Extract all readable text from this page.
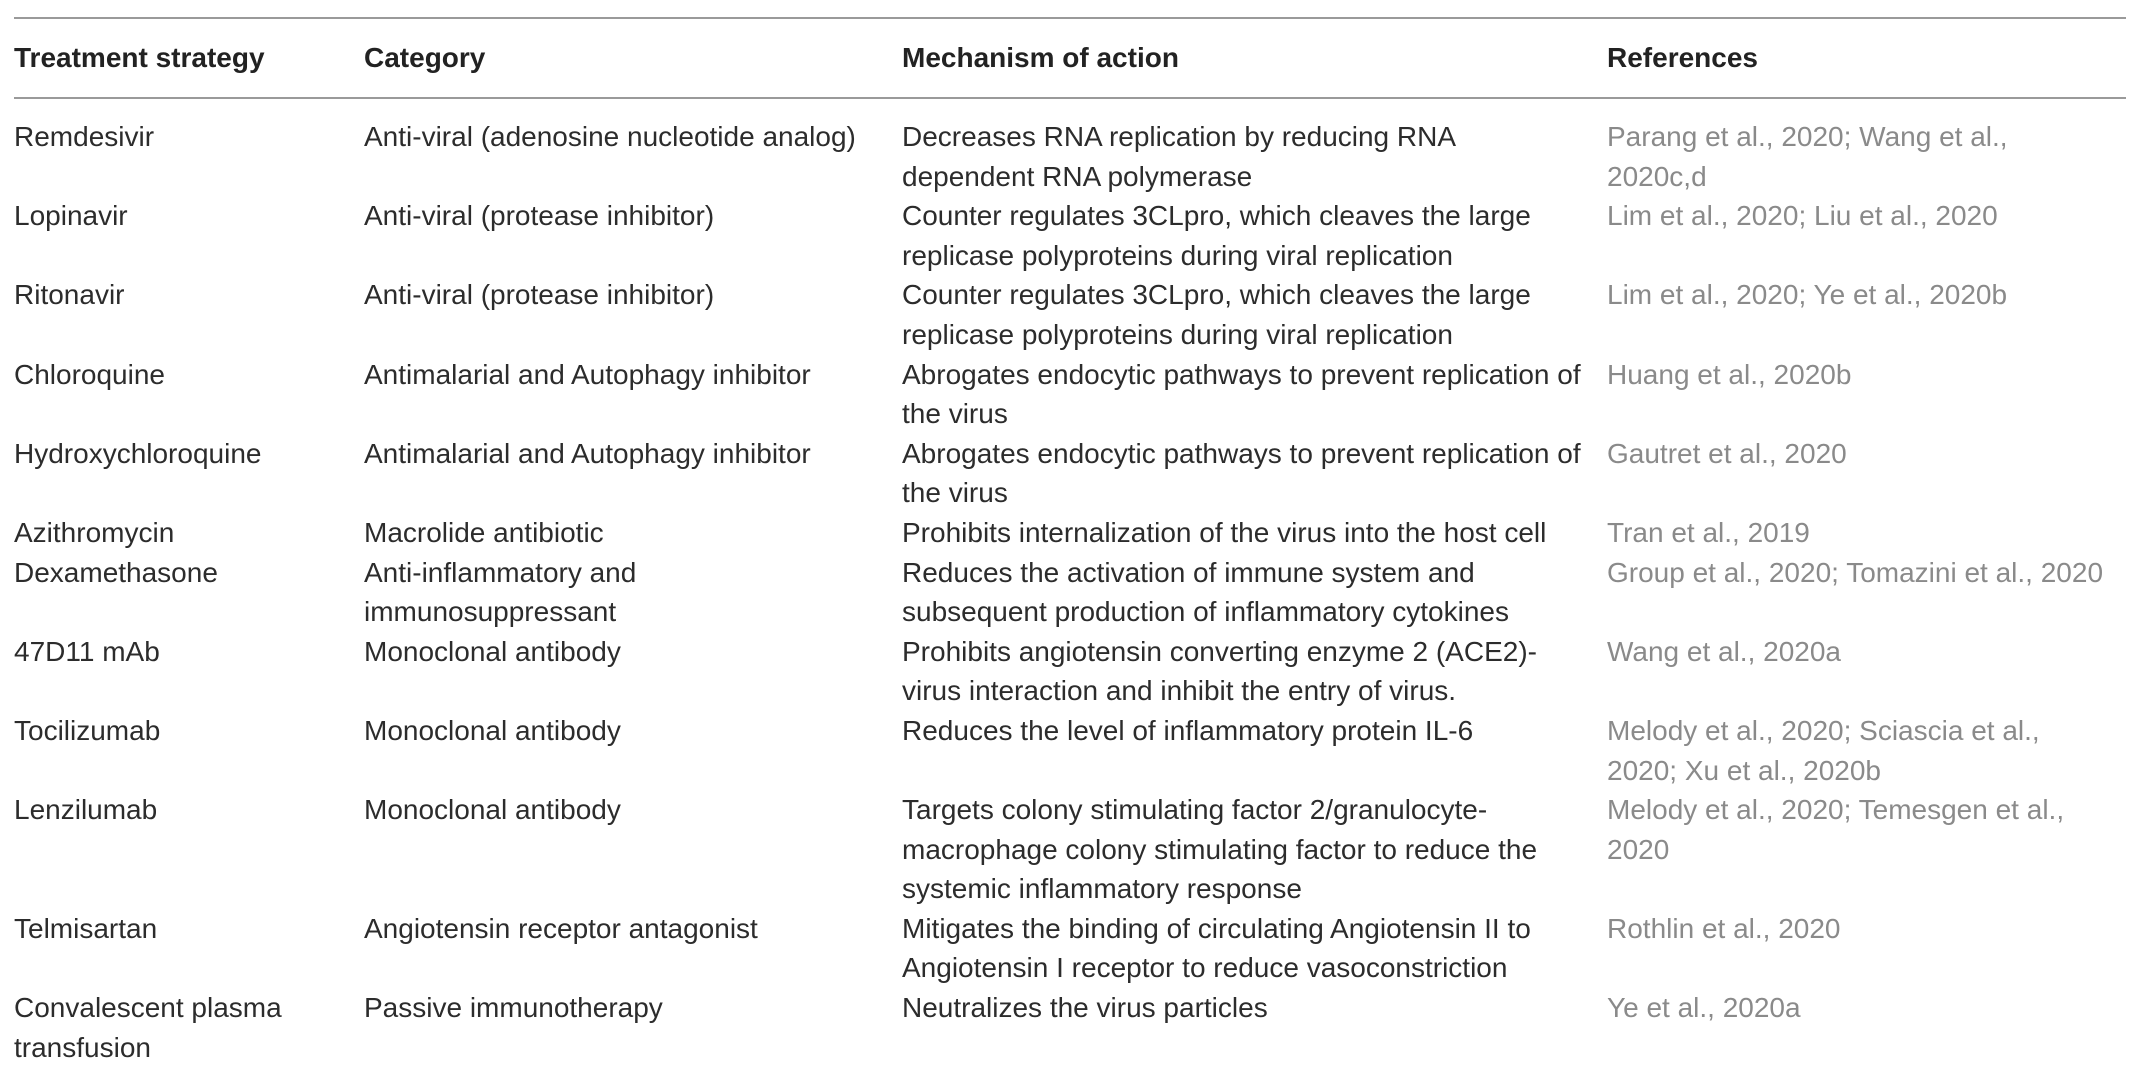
Treatment strategy	Category	Mechanism of action	References
Remdesivir	Anti-viral (adenosine nucleotide analog)	Decreases RNA replication by reducing RNA dependent RNA polymerase	Parang et al., 2020; Wang et al., 2020c,d

Lopinavir	Anti-viral (protease inhibitor)	Counter regulates 3CLpro, which cleaves the large replicase polyproteins during viral replication	Lim et al., 2020; Liu et al., 2020

Ritonavir	Anti-viral (protease inhibitor)	Counter regulates 3CLpro, which cleaves the large replicase polyproteins during viral replication	Lim et al., 2020; Ye et al., 2020b

Chloroquine	Antimalarial and Autophagy inhibitor	Abrogates endocytic pathways to prevent replication of the virus	Huang et al., 2020b

Hydroxychloroquine	Antimalarial and Autophagy inhibitor	Abrogates endocytic pathways to prevent replication of the virus	Gautret et al., 2020

Azithromycin	Macrolide antibiotic	Prohibits internalization of the virus into the host cell	Tran et al., 2019

Dexamethasone	Anti-inflammatory and immunosuppressant	Reduces the activation of immune system and subsequent production of inflammatory cytokines	Group et al., 2020; Tomazini et al., 2020

47D11 mAb	Monoclonal antibody	Prohibits angiotensin converting enzyme 2 (ACE2)-virus interaction and inhibit the entry of virus.	Wang et al., 2020a

Tocilizumab	Monoclonal antibody	Reduces the level of inflammatory protein IL-6	Melody et al., 2020; Sciascia et al., 2020; Xu et al., 2020b

Lenzilumab	Monoclonal antibody	Targets colony stimulating factor 2/granulocyte-macrophage colony stimulating factor to reduce the systemic inflammatory response	Melody et al., 2020; Temesgen et al., 2020

Telmisartan	Angiotensin receptor antagonist	Mitigates the binding of circulating Angiotensin II to Angiotensin I receptor to reduce vasoconstriction	Rothlin et al., 2020

Convalescent plasma transfusion	Passive immunotherapy	Neutralizes the virus particles	Ye et al., 2020a
